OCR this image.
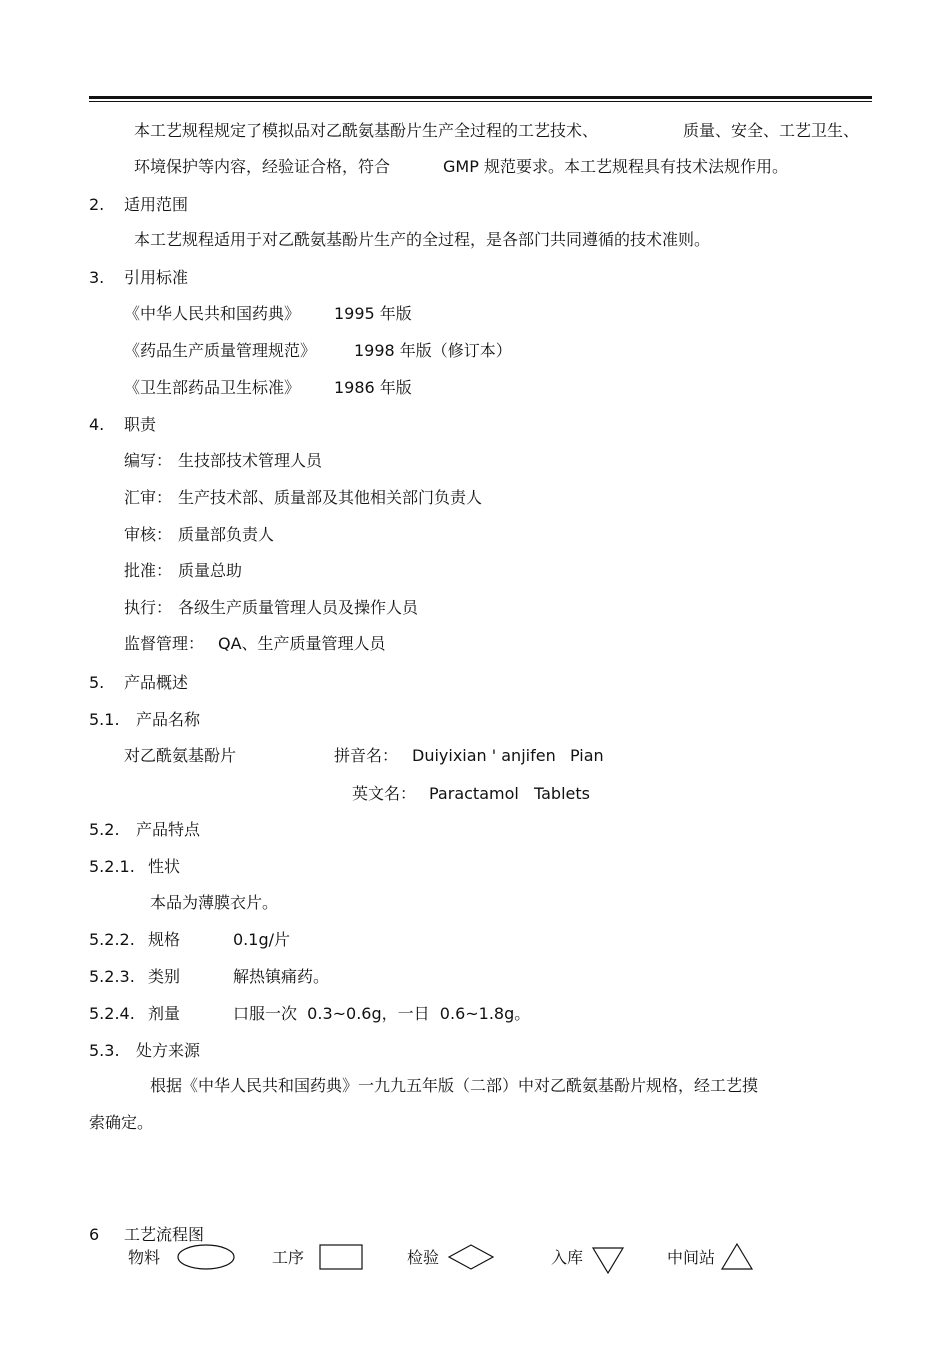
本工艺规程规定了模拟品对乙酰氨基酚片生产全过程的工艺技术、	质量、安全、工艺卫生、
环境保护等内容，经验证合格，符合	GMP 规范要求。本工艺规程具有技术法规作用。
2. 适用范围
本工艺规程适用于对乙酰氨基酚片生产的全过程，是各部门共同遵循的技术准则。
3. 引用标准
《中华人民共和国药典》 1995 年版
《药品生产质量管理规范》 1998 年版（修订本）
《卫生部药品卫生标准》 1986 年版
4. 职责
编写： 生技部技术管理人员
汇审： 生产技术部、质量部及其他相关部门负责人
审核： 质量部负责人
批准： 质量总助
执行： 各级生产质量管理人员及操作人员
监督管理： QA、生产质量管理人员
5. 产品概述
5.1. 产品名称
对乙酰氨基酚片	拼音名： Duiyixian ' anjifen Pian
英文名： Paractamol Tablets
5.2. 产品特点
5.2.1. 性状
本品为薄膜衣片。
5.2.2. 规格	0.1g/片
5.2.3. 类别	解热镇痛药。
5.2.4. 剂量	口服一次  0.3~0.6g，一日  0.6~1.8g。
5.3. 处方来源
根据《中华人民共和国药典》一九九五年版（二部）中对乙酰氨基酚片规格，经工艺摸
索确定。
6 工艺流程图
物料	工序	检验	入库	中间站
